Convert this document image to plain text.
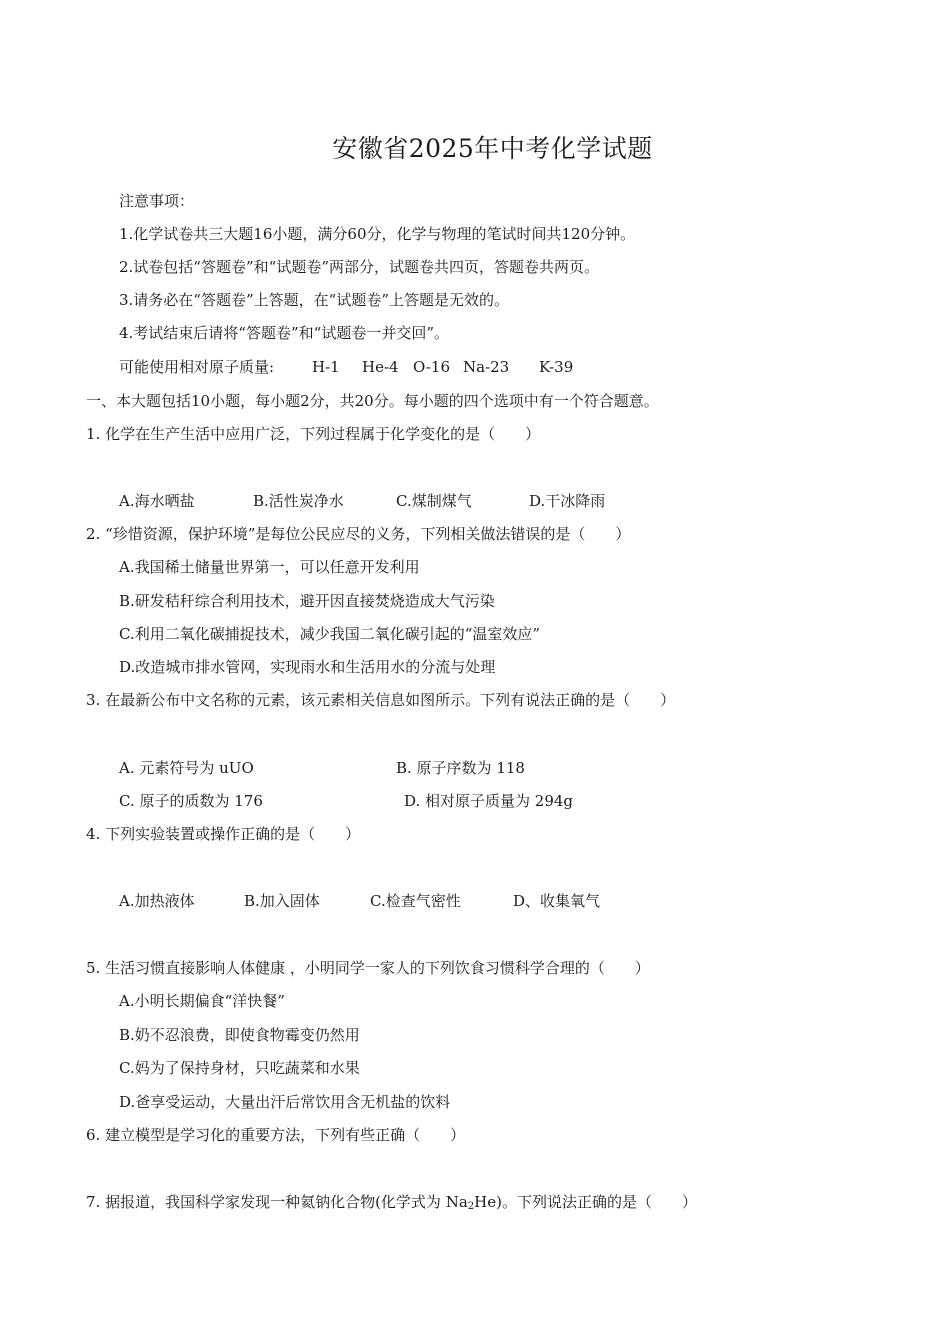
安徽省2025年中考化学试题
注意事项：
1.化学试卷共三大题16小题，满分60分，化学与物理的笔试时间共120分钟。
2.试卷包括“答题卷”和“试题卷”两部分，试题卷共四页，答题卷共两页。
3.请务必在“答题卷”上答题，在“试题卷”上答题是无效的。
4.考试结束后请将“答题卷”和“试题卷一并交回”。
可能使用相对原子质量:	H-1 He-4 O-16 Na-23 K-39
一、本大题包括10小题，每小题2分，共20分。每小题的四个选项中有一个符合题意。
1. 化学在生产生活中应用广泛，下列过程属于化学变化的是（　　）
A.海水晒盐	B.活性炭净水	C.煤制煤气	D.干冰降雨
2. “珍惜资源，保护环境”是每位公民应尽的义务，下列相关做法错误的是（　　）
A.我国稀土储量世界第一，可以任意开发利用
B.研发秸秆综合利用技术，避开因直接焚烧造成大气污染
C.利用二氧化碳捕捉技术，减少我国二氧化碳引起的“温室效应”
D.改造城市排水管网，实现雨水和生活用水的分流与处理
3. 在最新公布中文名称的元素，该元素相关信息如图所示。下列有说法正确的是（　　）
A. 元素符号为 uUO	B. 原子序数为 118
C. 原子的质数为 176	D. 相对原子质量为 294g
4. 下列实验装置或操作正确的是（　　）
A.加热液体	B.加入固体	C.检查气密性	D、收集氧气
5. 生活习惯直接影响人体健康 ，小明同学一家人的下列饮食习惯科学合理的（　　）
A.小明长期偏食“洋快餐”
B.奶不忍浪费，即使食物霉变仍然用
C.妈为了保持身材，只吃蔬菜和水果
D.爸享受运动，大量出汗后常饮用含无机盐的饮料
6. 建立模型是学习化的重要方法，下列有些正确（　　）
7. 据报道，我国科学家发现一种氦钠化合物(化学式为 $Na_2He$)。下列说法正确的是（　　）
